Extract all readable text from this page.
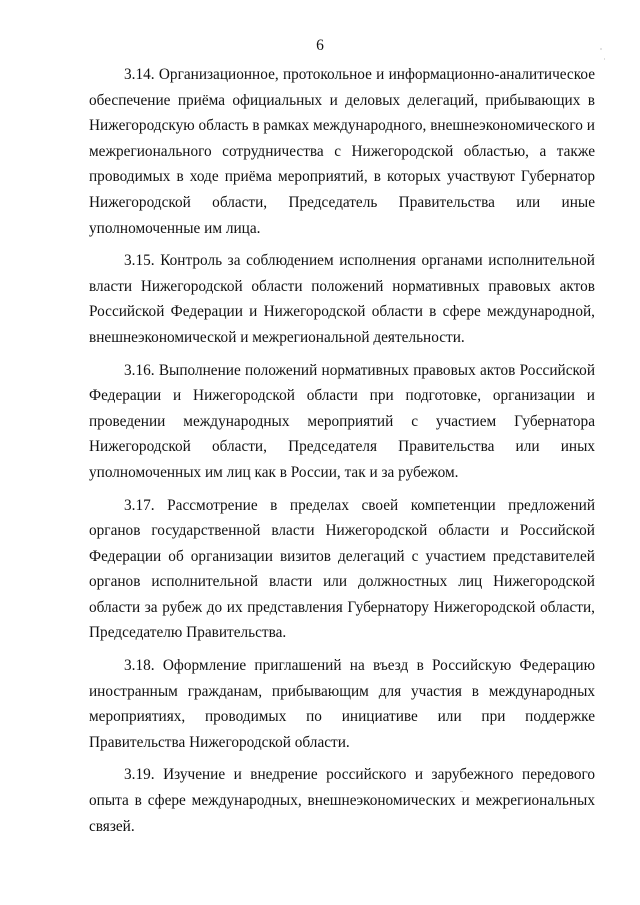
6

3.14. Организационное, протокольное и информационно-аналитическое обеспечение приёма официальных и деловых делегаций, прибывающих в Нижегородскую область в рамках международного, внешнеэкономического и межрегионального сотрудничества с Нижегородской областью, а также проводимых в ходе приёма мероприятий, в которых участвуют Губернатор Нижегородской области, Председатель Правительства или иные уполномоченные им лица.

3.15. Контроль за соблюдением исполнения органами исполнительной власти Нижегородской области положений нормативных правовых актов Российской Федерации и Нижегородской области в сфере международной, внешнеэкономической и межрегиональной деятельности.

3.16. Выполнение положений нормативных правовых актов Российской Федерации и Нижегородской области при подготовке, организации и проведении международных мероприятий с участием Губернатора Нижегородской области, Председателя Правительства или иных уполномоченных им лиц как в России, так и за рубежом.

3.17. Рассмотрение в пределах своей компетенции предложений органов государственной власти Нижегородской области и Российской Федерации об организации визитов делегаций с участием представителей органов исполнительной власти или должностных лиц Нижегородской области за рубеж до их представления Губернатору Нижегородской области, Председателю Правительства.

3.18. Оформление приглашений на въезд в Российскую Федерацию иностранным гражданам, прибывающим для участия в международных мероприятиях, проводимых по инициативе или при поддержке Правительства Нижегородской области.

3.19. Изучение и внедрение российского и зарубежного передового опыта в сфере международных, внешнеэкономических и межрегиональных связей.
